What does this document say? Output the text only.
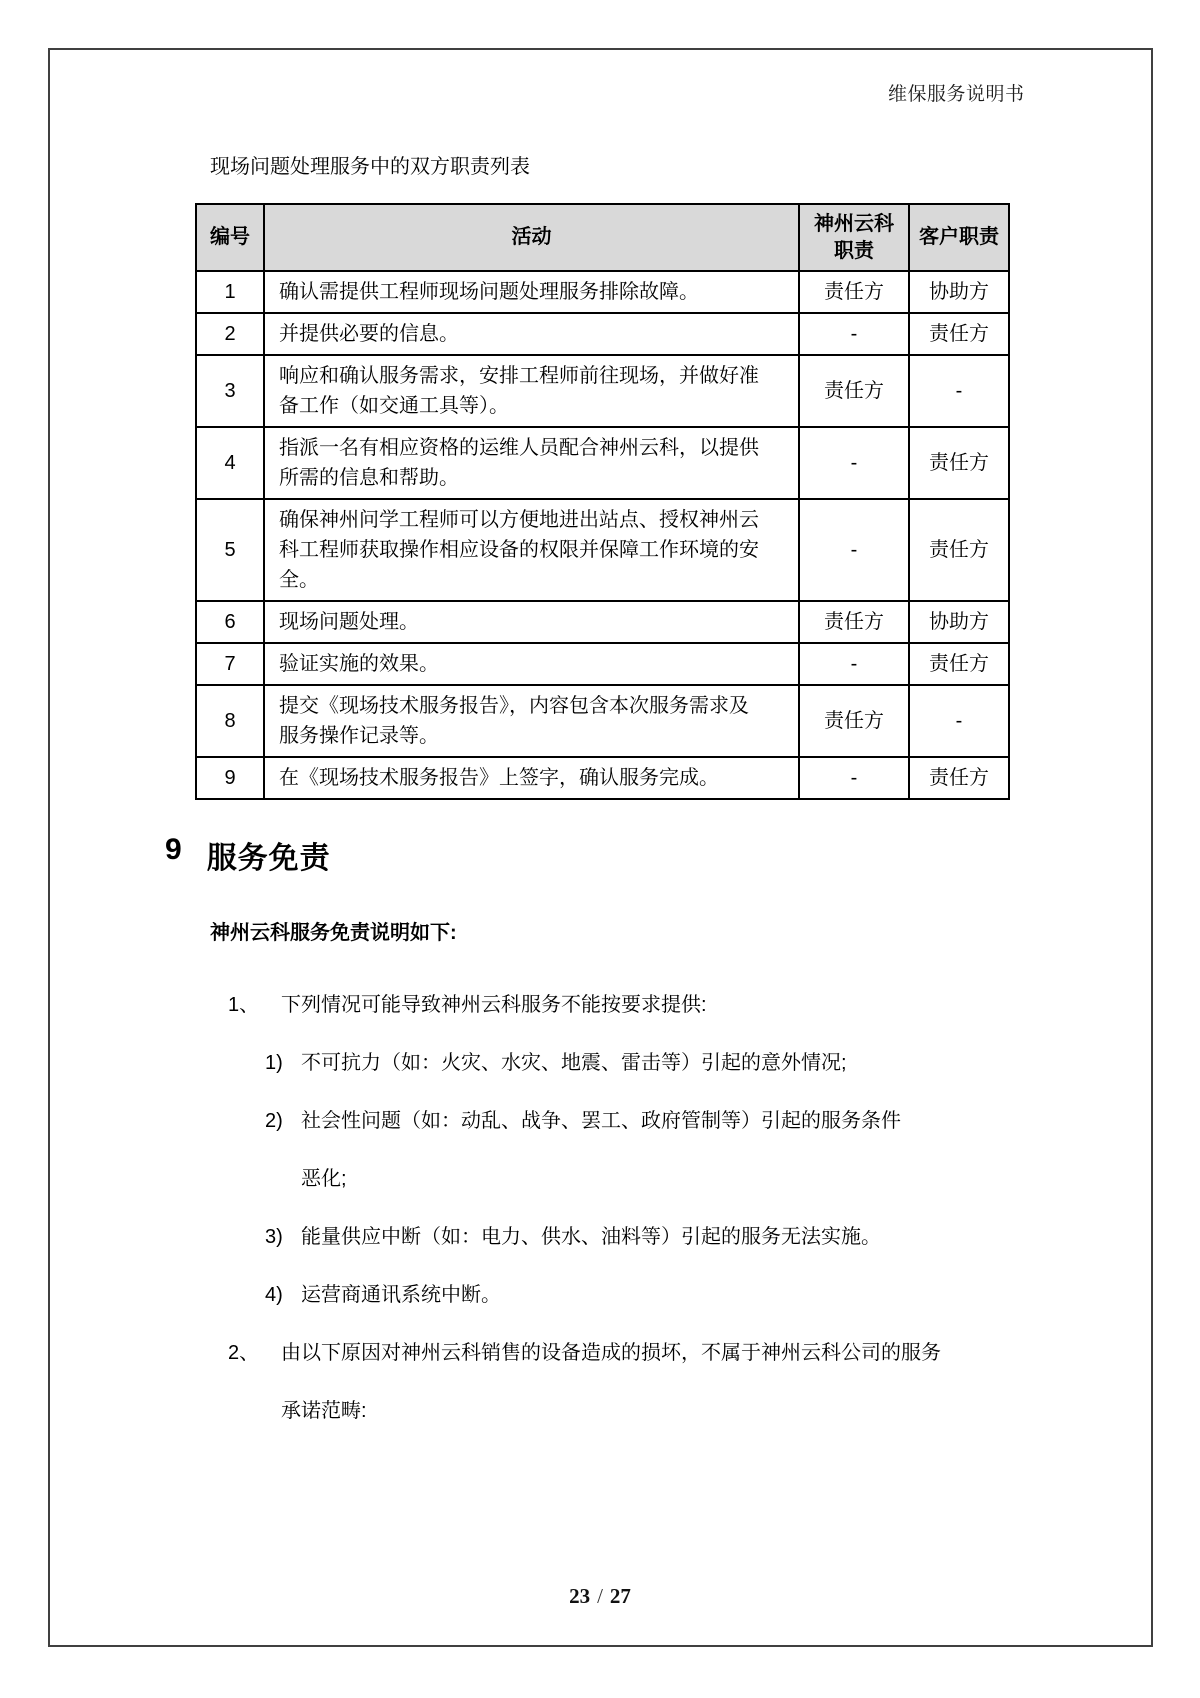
维保服务说明书
现场问题处理服务中的双方职责列表
编号	活动	神州云科职责	客户职责
1	确认需提供工程师现场问题处理服务排除故障。	责任方	协助方
2	并提供必要的信息。	-	责任方
3	响应和确认服务需求，安排工程师前往现场，并做好准备工作（如交通工具等）。	责任方	-
4	指派一名有相应资格的运维人员配合神州云科，以提供所需的信息和帮助。	-	责任方
5	确保神州问学工程师可以方便地进出站点、授权神州云科工程师获取操作相应设备的权限并保障工作环境的安全。	-	责任方
6	现场问题处理。	责任方	协助方
7	验证实施的效果。	-	责任方
8	提交《现场技术服务报告》，内容包含本次服务需求及服务操作记录等。	责任方	-
9	在《现场技术服务报告》上签字，确认服务完成。	-	责任方
9 服务免责
神州云科服务免责说明如下:
1、	下列情况可能导致神州云科服务不能按要求提供:
1) 不可抗力（如：火灾、水灾、地震、雷击等）引起的意外情况;
2) 社会性问题（如：动乱、战争、罢工、政府管制等）引起的服务条件恶化;
3) 能量供应中断（如：电力、供水、油料等）引起的服务无法实施。
4) 运营商通讯系统中断。
2、	由以下原因对神州云科销售的设备造成的损坏，不属于神州云科公司的服务承诺范畴:
23 / 27
